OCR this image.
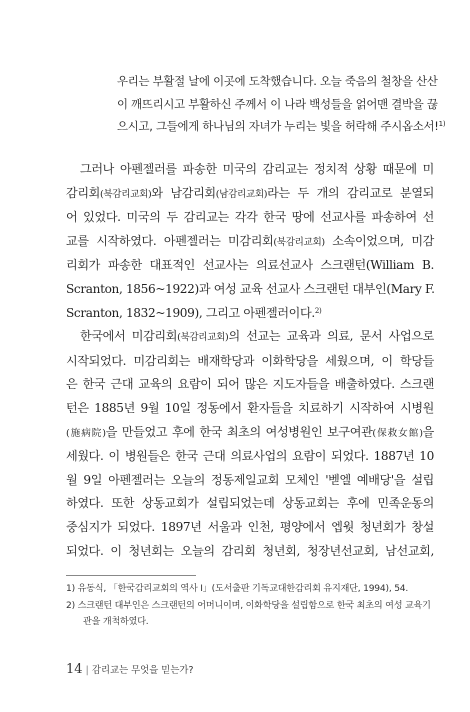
우리는 부활절 날에 이곳에 도착했습니다. 오늘 죽음의 철창을 산산
이 깨뜨리시고 부활하신 주께서 이 나라 백성들을 얽어맨 결박을 끊
으시고, 그들에게 하나님의 자녀가 누리는 빛을 허락해 주시옵소서!$^{1)}$
그러나 아펜젤러를 파송한 미국의 감리교는 정치적 상황 때문에 미
감리회(북감리교회)와 남감리회(남감리교회)라는 두 개의 감리교로 분열되
어 있었다. 미국의 두 감리교는 각각 한국 땅에 선교사를 파송하여 선
교를 시작하였다. 아펜젤러는 미감리회(북감리교회) 소속이었으며, 미감
리회가 파송한 대표적인 선교사는 의료선교사 스크랜턴(William B.
Scranton, 1856~1922)과 여성 교육 선교사 스크랜턴 대부인(Mary F.
Scranton, 1832~1909), 그리고 아펜젤러이다.$^{2)}$
한국에서 미감리회(북감리교회)의 선교는 교육과 의료, 문서 사업으로
시작되었다. 미감리회는 배재학당과 이화학당을 세웠으며, 이 학당들
은 한국 근대 교육의 요람이 되어 많은 지도자들을 배출하였다. 스크랜
턴은 1885년 9월 10일 정동에서 환자들을 치료하기 시작하여 시병원
(施病院)을 만들었고 후에 한국 최초의 여성병원인 보구여관(保救女館)을
세웠다. 이 병원들은 한국 근대 의료사업의 요람이 되었다. 1887년 10
월 9일 아펜젤러는 오늘의 정동제일교회 모체인 '벧엘 예배당'을 설립
하였다. 또한 상동교회가 설립되었는데 상동교회는 후에 민족운동의
중심지가 되었다. 1897년 서울과 인천, 평양에서 엡웟 청년회가 창설
되었다. 이 청년회는 오늘의 감리회 청년회, 청장년선교회, 남선교회,
1) 유동식, 「한국감리교회의 역사 I」(도서출판 기독교대한감리회 유지재단, 1994), 54.
2) 스크랜턴 대부인은 스크랜턴의 어머니이며, 이화학당을 설립함으로 한국 최초의 여성 교육기
관을 개척하였다.
14 | 감리교는 무엇을 믿는가?
